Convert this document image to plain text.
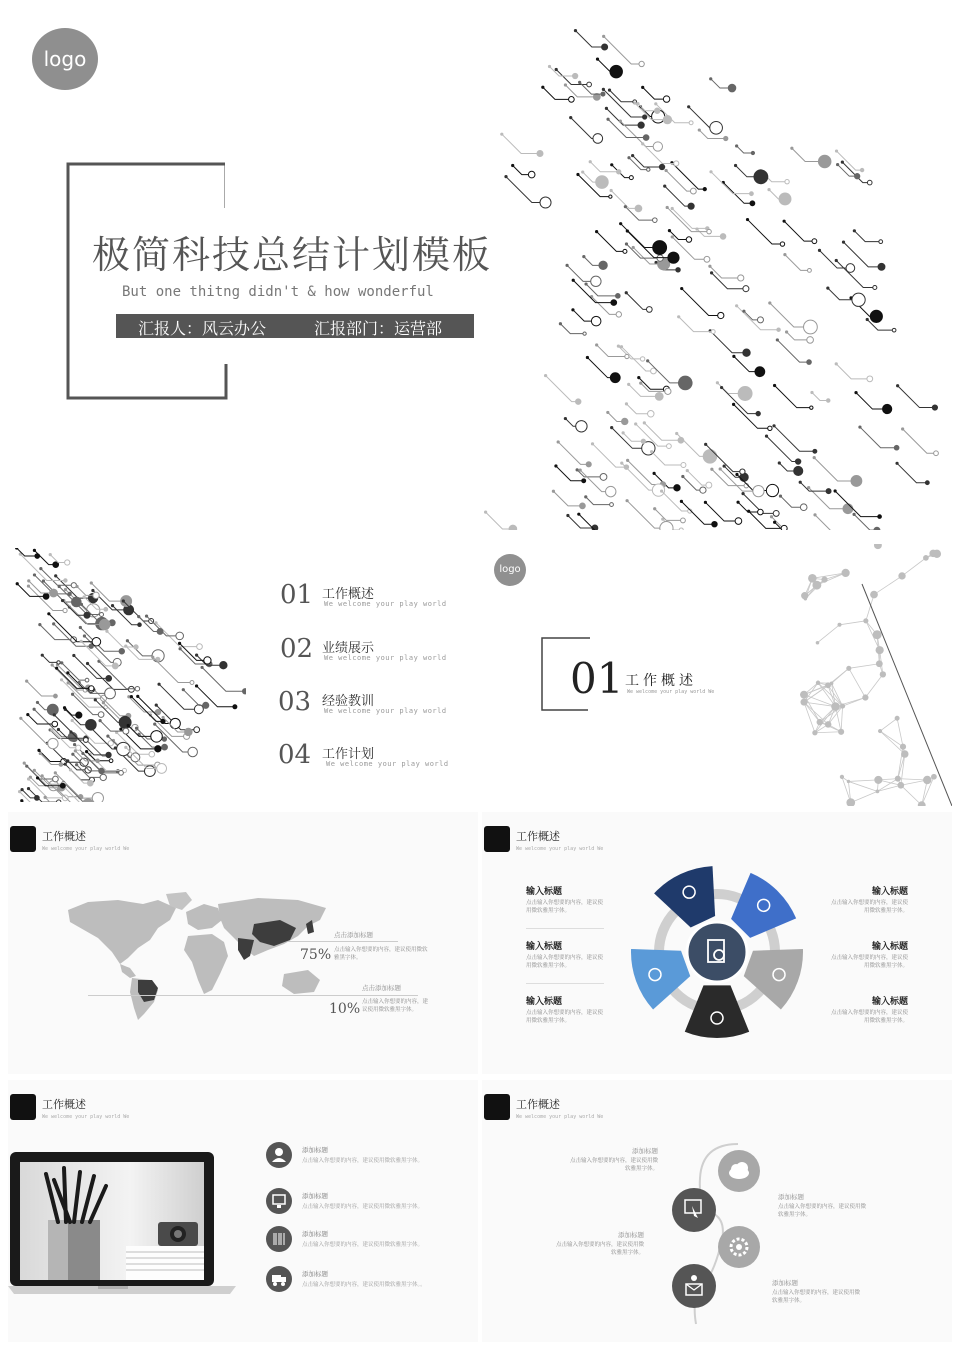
logo
极简科技总结计划模板
But one thitng didn't & how wonderful
汇报人：风云办公	汇报部门：运营部
01 工作概述
We welcome your play world
02 业绩展示
We welcome your play world
03 经验教训
We welcome your play world
04 工作计划
We welcome your play world
logo
01 工作概述
We welcome your play world We
工作概述
We welcome your play world We
点击添加标题
75% 点击输入你想要的内容，建议使用微软雅黑字体。
点击添加标题
10% 点击输入你想要的内容，建议使用微软雅黑字体。
工作概述
We welcome your play world We
输入标题
点击输入你想要的内容，建议使用微软雅黑字体。
输入标题
点击输入你想要的内容，建议使用微软雅黑字体。
输入标题
点击输入你想要的内容，建议使用微软雅黑字体。
输入标题
点击输入你想要的内容，建议使用微软雅黑字体。
输入标题
点击输入你想要的内容，建议使用微软雅黑字体。
输入标题
点击输入你想要的内容，建议使用微软雅黑字体。
工作概述
We welcome your play world We
添加标题
点击输入你想要的内容，建议使用微软雅黑字体。
添加标题
点击输入你想要的内容，建议使用微软雅黑字体。
添加标题
点击输入你想要的内容，建议使用微软雅黑字体。
添加标题
点击输入你想要的内容，建议使用微软雅黑字体。。
工作概述
We welcome your play world We
添加标题
点击输入你想要的内容，建议使用微软雅黑字体。
添加标题
点击输入你想要的内容，建议使用微软雅黑字体。
添加标题
点击输入你想要的内容，建议使用微软雅黑字体。
添加标题
点击输入你想要的内容，建议使用微软雅黑字体。
